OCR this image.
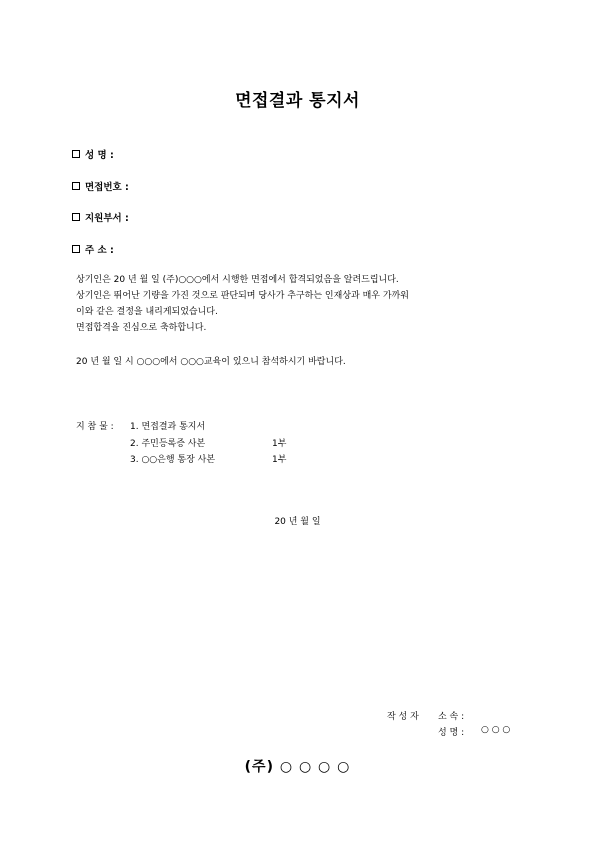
면접결과 통지서
성 명 :
면접번호 :
지원부서 :
주 소 :
상기인은 20 년 월 일 (주)○○○에서 시행한 면접에서 합격되었음을 알려드립니다.
상기인은 뛰어난 기량을 가진 것으로 판단되며 당사가 추구하는 인재상과 매우 가까워
이와 같은 결정을 내리게되었습니다.
면접합격을 진심으로 축하합니다.
20 년 월 일 시 ○○○에서 ○○○교육이 있으니 참석하시기 바랍니다.
지 참 물 : 1. 면접결과 통지서
2. 주민등록증 사본	1부
3. ○○은행 통장 사본	1부
20 년 월 일
작 성 자 소 속 :
성 명 : ○ ○ ○
(주) ○ ○ ○ ○
